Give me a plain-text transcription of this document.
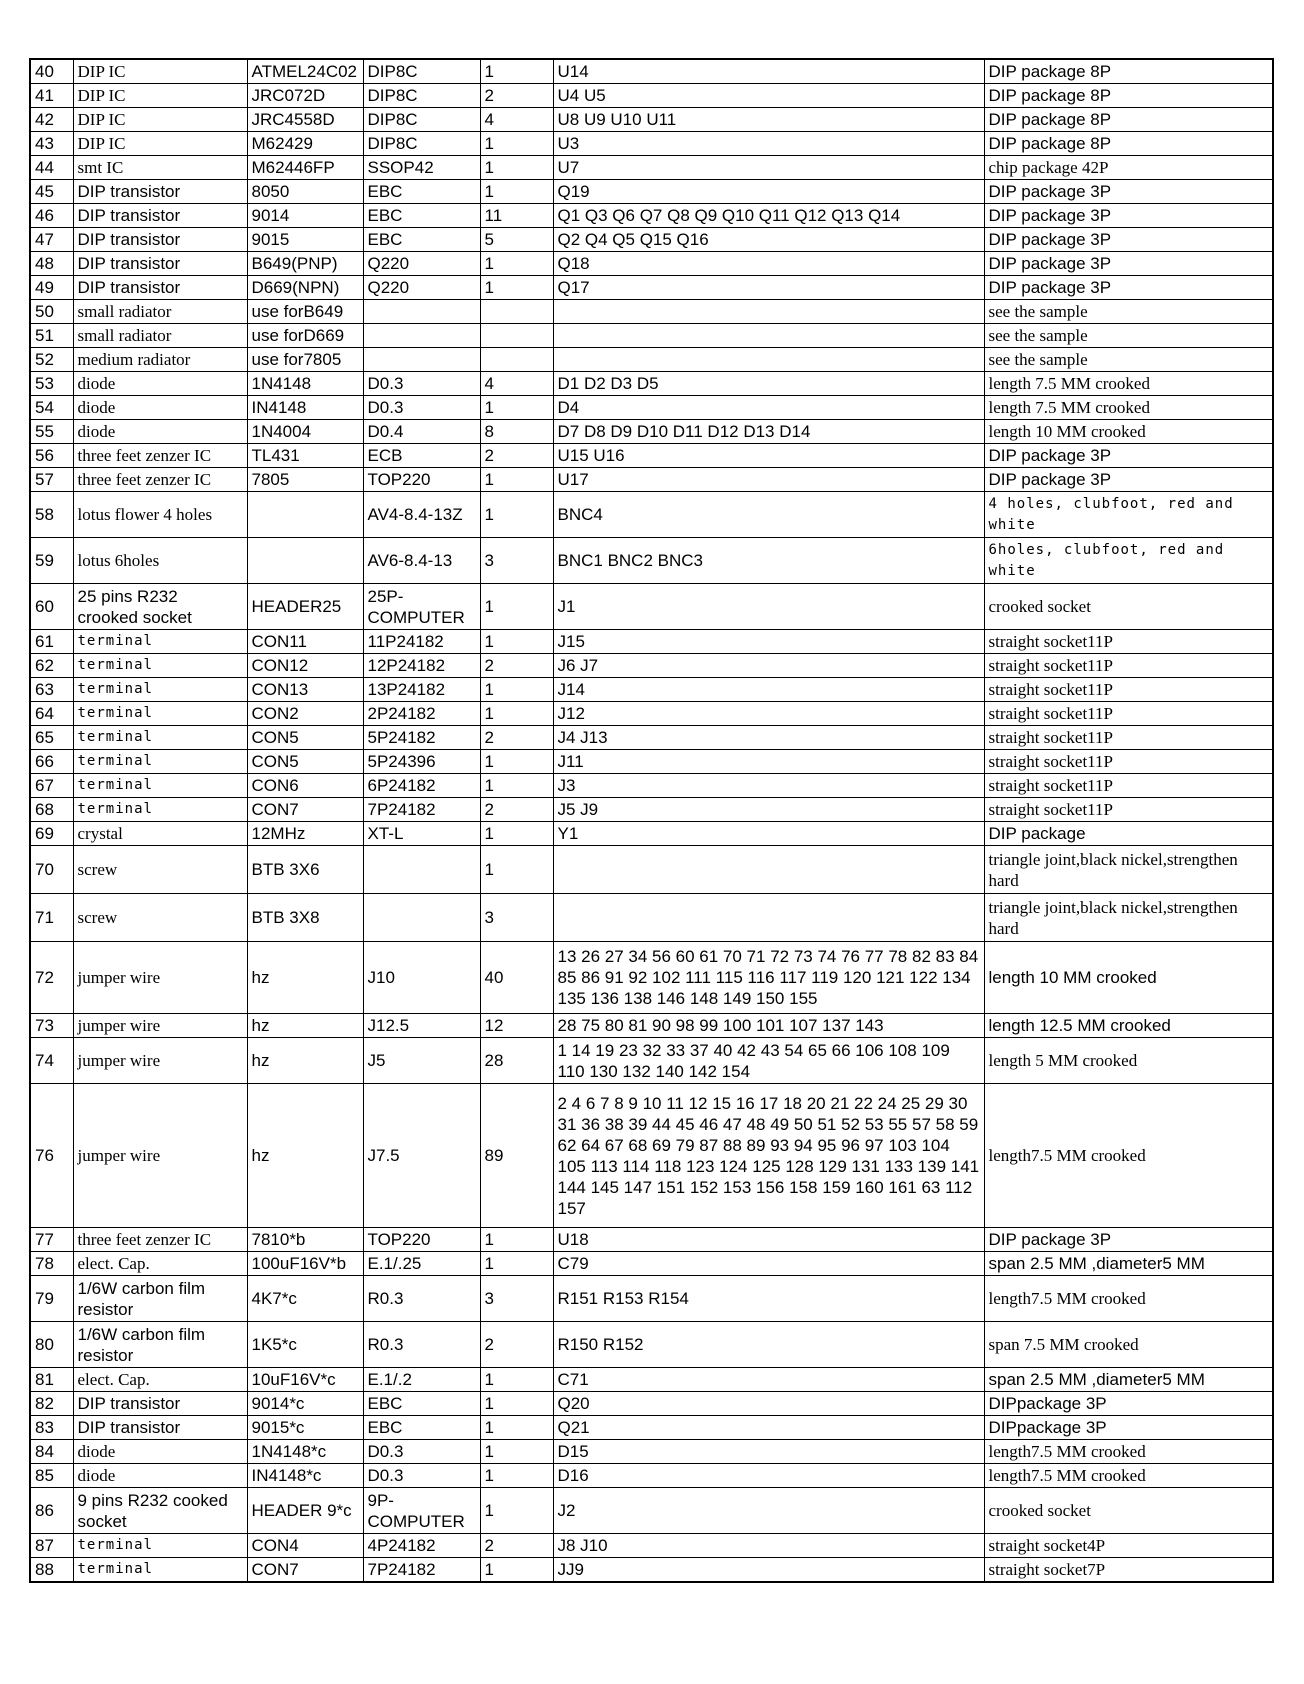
40	DIP IC	ATMEL24C02	DIP8C	1	U14	DIP package 8P
41	DIP IC	JRC072D	DIP8C	2	U4 U5	DIP package 8P
42	DIP IC	JRC4558D	DIP8C	4	U8 U9 U10 U11	DIP package 8P
43	DIP IC	M62429	DIP8C	1	U3	DIP package 8P
44	smt IC	M62446FP	SSOP42	1	U7	chip package 42P
45	DIP transistor	8050	EBC	1	Q19	DIP package 3P
46	DIP transistor	9014	EBC	11	Q1 Q3 Q6 Q7 Q8 Q9 Q10 Q11 Q12 Q13 Q14	DIP package 3P
47	DIP transistor	9015	EBC	5	Q2 Q4 Q5 Q15 Q16	DIP package 3P
48	DIP transistor	B649(PNP)	Q220	1	Q18	DIP package 3P
49	DIP transistor	D669(NPN)	Q220	1	Q17	DIP package 3P
50	small radiator	use forB649				see the sample
51	small radiator	use forD669				see the sample
52	medium radiator	use for7805				see the sample
53	diode	1N4148	D0.3	4	D1 D2 D3 D5	length 7.5 MM crooked
54	diode	IN4148	D0.3	1	D4	length 7.5 MM crooked
55	diode	1N4004	D0.4	8	D7 D8 D9 D10 D11 D12 D13 D14	length 10 MM crooked
56	three feet zenzer IC	TL431	ECB	2	U15 U16	DIP package 3P
57	three feet zenzer IC	7805	TOP220	1	U17	DIP package 3P
58	lotus flower 4 holes		AV4-8.4-13Z	1	BNC4	4 holes, clubfoot, red and white
59	lotus 6holes		AV6-8.4-13	3	BNC1 BNC2 BNC3	6holes, clubfoot, red and white
60	25 pins R232 crooked socket	HEADER25	25P-COMPUTER	1	J1	crooked socket
61	terminal	CON11	11P24182	1	J15	straight socket11P
62	terminal	CON12	12P24182	2	J6 J7	straight socket11P
63	terminal	CON13	13P24182	1	J14	straight socket11P
64	terminal	CON2	2P24182	1	J12	straight socket11P
65	terminal	CON5	5P24182	2	J4 J13	straight socket11P
66	terminal	CON5	5P24396	1	J11	straight socket11P
67	terminal	CON6	6P24182	1	J3	straight socket11P
68	terminal	CON7	7P24182	2	J5 J9	straight socket11P
69	crystal	12MHz	XT-L	1	Y1	DIP package
70	screw	BTB 3X6		1		triangle joint,black nickel,strengthen hard
71	screw	BTB 3X8		3		triangle joint,black nickel,strengthen hard
72	jumper wire	hz	J10	40	13 26 27 34 56 60 61 70 71 72 73 74 76 77 78 82 83 84 85 86 91 92 102 111 115 116 117 119 120 121 122 134 135 136 138 146 148 149 150 155	length 10 MM crooked
73	jumper wire	hz	J12.5	12	28 75 80 81 90 98 99 100 101 107 137 143	length 12.5 MM crooked
74	jumper wire	hz	J5	28	1 14 19 23 32 33 37 40 42 43 54 65 66 106 108 109 110 130 132 140 142 154	length 5 MM crooked
76	jumper wire	hz	J7.5	89	2 4 6 7 8 9 10 11 12 15 16 17 18 20 21 22 24 25 29 30 31 36 38 39 44 45 46 47 48 49 50 51 52 53 55 57 58 59 62 64 67 68 69 79 87 88 89 93 94 95 96 97 103 104 105 113 114 118 123 124 125 128 129 131 133 139 141 144 145 147 151 152 153 156 158 159 160 161 63 112 157	length7.5 MM crooked
77	three feet zenzer IC	7810*b	TOP220	1	U18	DIP package 3P
78	elect. Cap.	100uF16V*b	E.1/.25	1	C79	span 2.5 MM ,diameter5 MM
79	1/6W carbon film resistor	4K7*c	R0.3	3	R151 R153 R154	length7.5 MM crooked
80	1/6W carbon film resistor	1K5*c	R0.3	2	R150 R152	span 7.5 MM crooked
81	elect. Cap.	10uF16V*c	E.1/.2	1	C71	span 2.5 MM ,diameter5 MM
82	DIP transistor	9014*c	EBC	1	Q20	DIPpackage 3P
83	DIP transistor	9015*c	EBC	1	Q21	DIPpackage 3P
84	diode	1N4148*c	D0.3	1	D15	length7.5 MM crooked
85	diode	IN4148*c	D0.3	1	D16	length7.5 MM crooked
86	9 pins R232 cooked socket	HEADER 9*c	9P-COMPUTER	1	J2	crooked socket
87	terminal	CON4	4P24182	2	J8 J10	straight socket4P
88	terminal	CON7	7P24182	1	JJ9	straight socket7P
